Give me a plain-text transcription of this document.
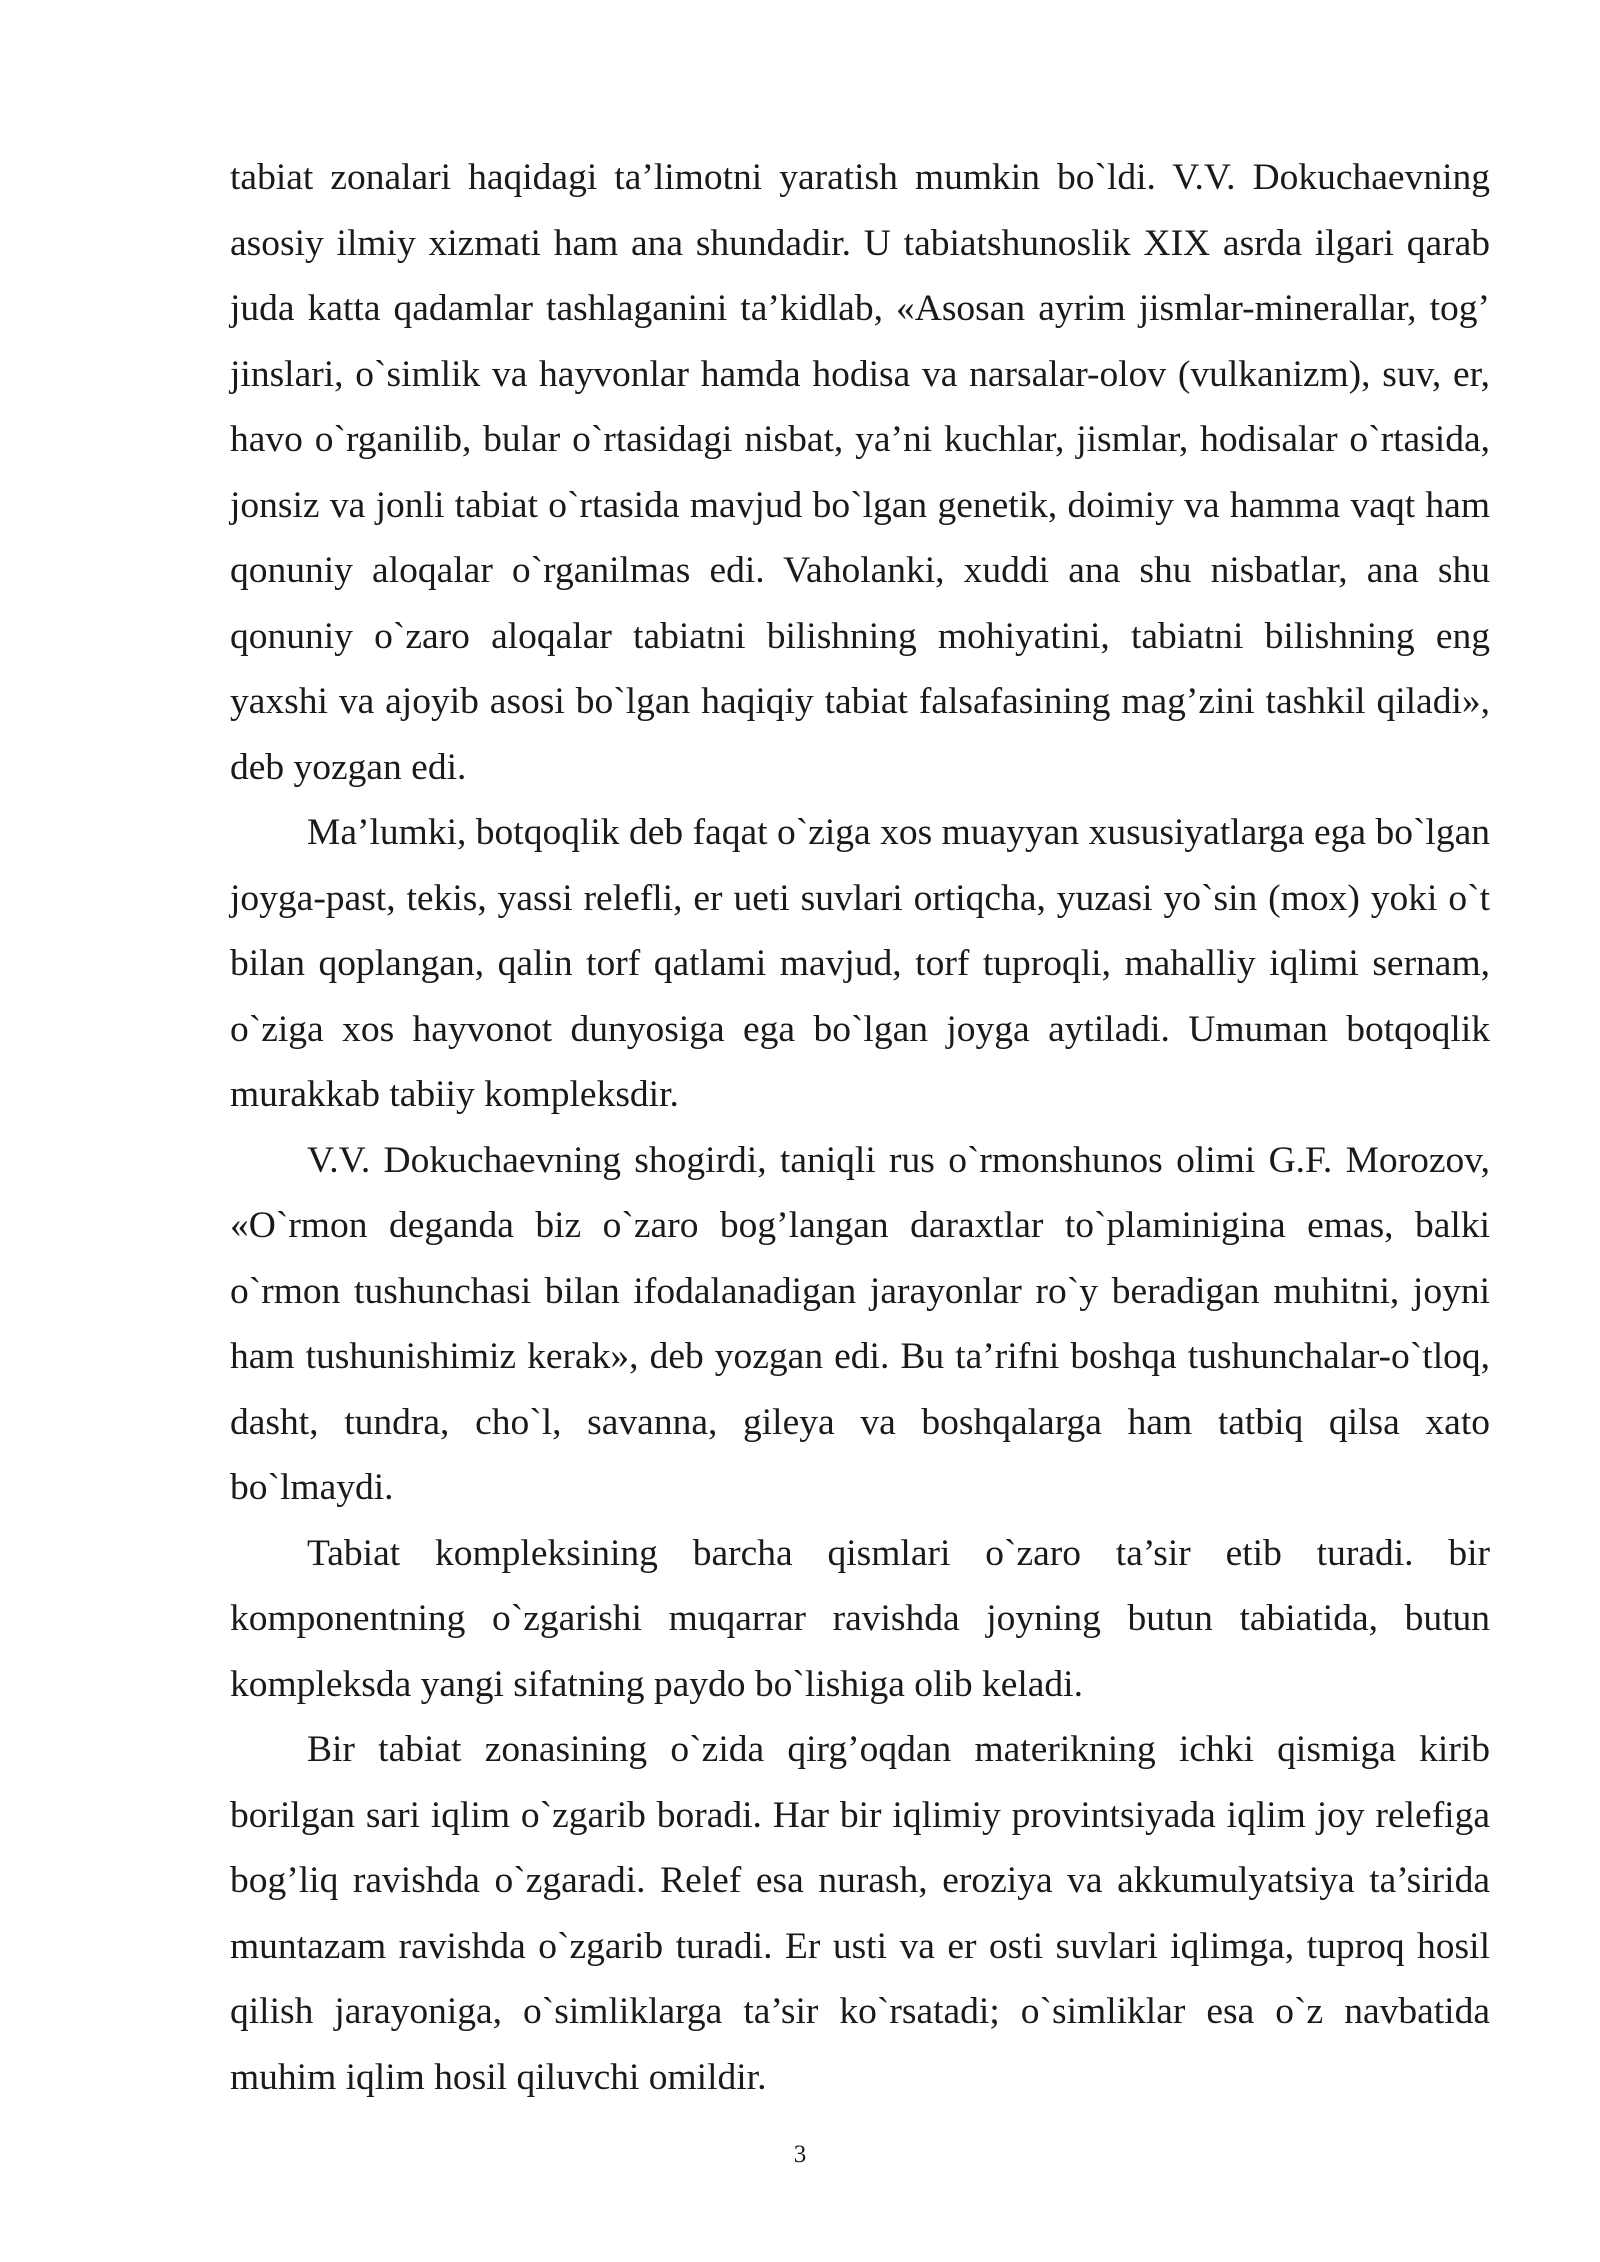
tabiat zonalari haqidagi ta’limotni yaratish mumkin bo`ldi. V.V. Dokuchaevning asosiy ilmiy xizmati ham ana shundadir. U tabiatshunoslik XIX asrda ilgari qarab juda katta qadamlar tashlaganini ta’kidlab, «Asosan ayrim jismlar-minerallar, tog’ jinslari, o`simlik va hayvonlar hamda hodisa va narsalar-olov (vulkanizm), suv, er, havo o`rganilib, bular o`rtasidagi nisbat, ya’ni kuchlar, jismlar, hodisalar o`rtasida, jonsiz va jonli tabiat o`rtasida mavjud bo`lgan genetik, doimiy va hamma vaqt ham qonuniy aloqalar o`rganilmas edi. Vaholanki, xuddi ana shu nisbatlar, ana shu qonuniy o`zaro aloqalar tabiatni bilishning mohiyatini, tabiatni bilishning eng yaxshi va ajoyib asosi bo`lgan haqiqiy tabiat falsafasining mag’zini tashkil qiladi», deb yozgan edi.

Ma’lumki, botqoqlik deb faqat o`ziga xos muayyan xususiyatlarga ega bo`lgan joyga-past, tekis, yassi relefli, er ueti suvlari ortiqcha, yuzasi yo`sin (mox) yoki o`t bilan qoplangan, qalin torf qatlami mavjud, torf tuproqli, mahalliy iqlimi sernam, o`ziga xos hayvonot dunyosiga ega bo`lgan joyga aytiladi. Umuman botqoqlik murakkab tabiiy kompleksdir.

V.V. Dokuchaevning shogirdi, taniqli rus o`rmonshunos olimi G.F. Morozov, «O`rmon deganda biz o`zaro bog’langan daraxtlar to`plaminigina emas, balki o`rmon tushunchasi bilan ifodalanadigan jarayonlar ro`y beradigan muhitni, joyni ham tushunishimiz kerak», deb yozgan edi. Bu ta’rifni boshqa tushunchalar-o`tloq, dasht, tundra, cho`l, savanna, gileya va boshqalarga ham tatbiq qilsa xato bo`lmaydi.

Tabiat kompleksining barcha qismlari o`zaro ta’sir etib turadi. bir komponentning o`zgarishi muqarrar ravishda joyning butun tabiatida, butun kompleksda yangi sifatning paydo bo`lishiga olib keladi.

Bir tabiat zonasining o`zida qirg’oqdan materikning ichki qismiga kirib borilgan sari iqlim o`zgarib boradi. Har bir iqlimiy provintsiyada iqlim joy relefiga bog’liq ravishda o`zgaradi. Relef esa nurash, eroziya va akkumulyatsiya ta’sirida muntazam ravishda o`zgarib turadi. Er usti va er osti suvlari iqlimga, tuproq hosil qilish jarayoniga, o`simliklarga ta’sir ko`rsatadi; o`simliklar esa o`z navbatida muhim iqlim hosil qiluvchi omildir.

3
